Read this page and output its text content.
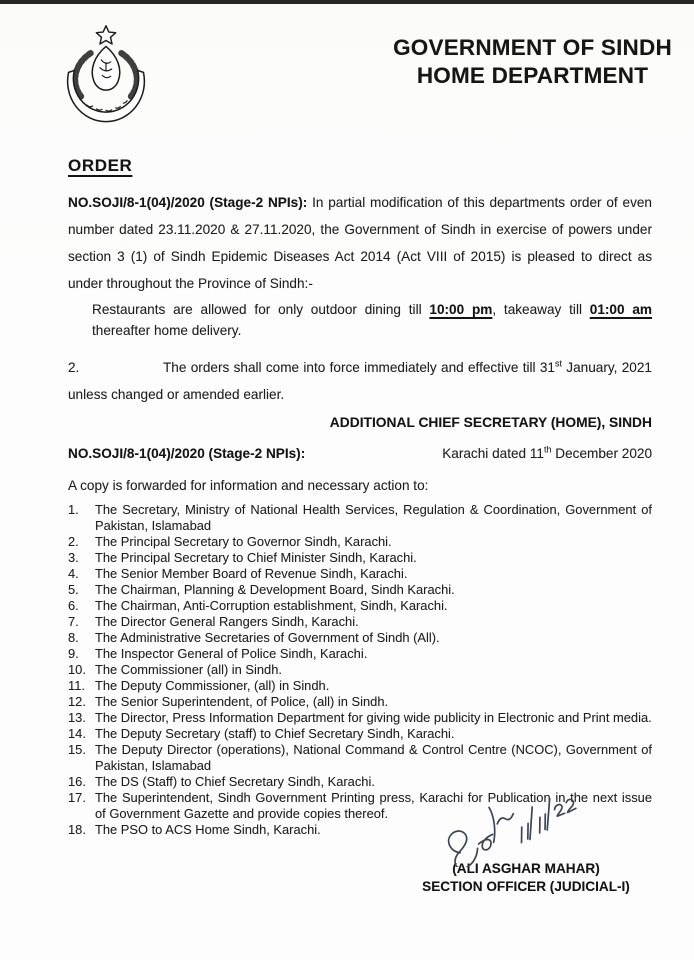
GOVERNMENT OF SINDH
HOME DEPARTMENT
ORDER

NO.SOJI/8-1(04)/2020 (Stage-2 NPIs): In partial modification of this departments order of even number dated 23.11.2020 & 27.11.2020, the Government of Sindh in exercise of powers under section 3 (1) of Sindh Epidemic Diseases Act 2014 (Act VIII of 2015) is pleased to direct as under throughout the Province of Sindh:-

Restaurants are allowed for only outdoor dining till 10:00 pm, takeaway till 01:00 am thereafter home delivery.

2.	The orders shall come into force immediately and effective till 31st January, 2021 unless changed or amended earlier.

ADDITIONAL CHIEF SECRETARY (HOME), SINDH
NO.SOJI/8-1(04)/2020 (Stage-2 NPIs):	Karachi dated 11th December 2020

A copy is forwarded for information and necessary action to:

1.	The Secretary, Ministry of National Health Services, Regulation & Coordination, Government of Pakistan, Islamabad
2.	The Principal Secretary to Governor Sindh, Karachi.
3.	The Principal Secretary to Chief Minister Sindh, Karachi.
4.	The Senior Member Board of Revenue Sindh, Karachi.
5.	The Chairman, Planning & Development Board, Sindh Karachi.
6.	The Chairman, Anti-Corruption establishment, Sindh, Karachi.
7.	The Director General Rangers Sindh, Karachi.
8.	The Administrative Secretaries of Government of Sindh (All).
9.	The Inspector General of Police Sindh, Karachi.
10. The Commissioner (all) in Sindh.
11. The Deputy Commissioner, (all) in Sindh.
12. The Senior Superintendent, of Police, (all) in Sindh.
13. The Director, Press Information Department for giving wide publicity in Electronic and Print media.
14. The Deputy Secretary (staff) to Chief Secretary Sindh, Karachi.
15. The Deputy Director (operations), National Command & Control Centre (NCOC), Government of Pakistan, Islamabad
16. The DS (Staff) to Chief Secretary Sindh, Karachi.
17. The Superintendent, Sindh Government Printing press, Karachi for Publication in the next issue of Government Gazette and provide copies thereof.
18. The PSO to ACS Home Sindh, Karachi.
(ALI ASGHAR MAHAR)
SECTION OFFICER (JUDICIAL-I)
